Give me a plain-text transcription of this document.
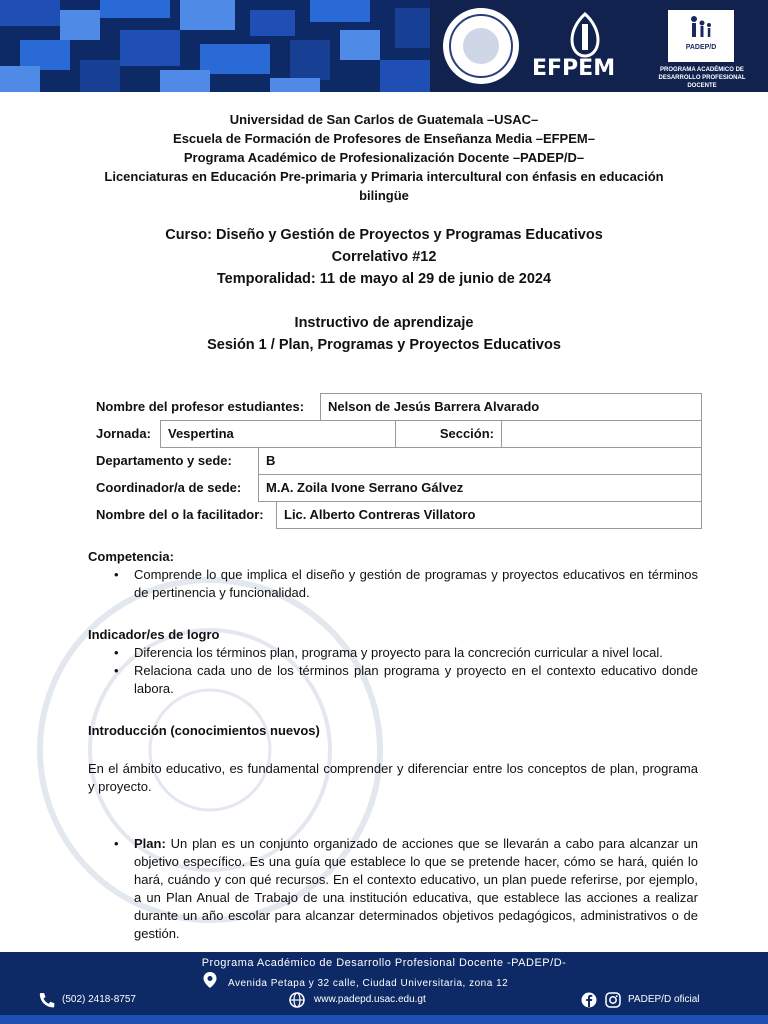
EFPEM
PADEP/D
PROGRAMA ACADÉMICO DE
DESARROLLO PROFESIONAL DOCENTE
Universidad de San Carlos de Guatemala –USAC–
Escuela de Formación de Profesores de Enseñanza Media –EFPEM–
Programa Académico de Profesionalización Docente –PADEP/D–
Licenciaturas en Educación Pre-primaria y Primaria intercultural con énfasis en educación
bilingüe
Curso: Diseño y Gestión de Proyectos y Programas Educativos
Correlativo #12
Temporalidad: 11 de mayo al 29 de junio de 2024
Instructivo de aprendizaje
Sesión 1 / Plan, Programas y Proyectos Educativos
Nombre del profesor estudiantes:	Nelson de Jesús Barrera Alvarado
Jornada:	Vespertina	Sección:
Departamento y sede:	B
Coordinador/a de sede:	M.A. Zoila Ivone Serrano Gálvez
Nombre del o la facilitador:	Lic. Alberto Contreras Villatoro
Competencia:
• Comprende lo que implica el diseño y gestión de programas y proyectos educativos en términos de pertinencia y funcionalidad.
Indicador/es de logro
• Diferencia los términos plan, programa y proyecto para la concreción curricular a nivel local.
• Relaciona cada uno de los términos plan programa y proyecto en el contexto educativo donde labora.
Introducción (conocimientos nuevos)
En el ámbito educativo, es fundamental comprender y diferenciar entre los conceptos de plan, programa y proyecto.
• Plan: Un plan es un conjunto organizado de acciones que se llevarán a cabo para alcanzar un objetivo específico. Es una guía que establece lo que se pretende hacer, cómo se hará, quién lo hará, cuándo y con qué recursos. En el contexto educativo, un plan puede referirse, por ejemplo, a un Plan Anual de Trabajo de una institución educativa, que establece las acciones a realizar durante un año escolar para alcanzar determinados objetivos pedagógicos, administrativos o de gestión.
Programa Académico de Desarrollo Profesional Docente -PADEP/D-
Avenida Petapa y 32 calle, Ciudad Universitaria, zona 12
(502) 2418-8757	www.padepd.usac.edu.gt	PADEP/D oficial
